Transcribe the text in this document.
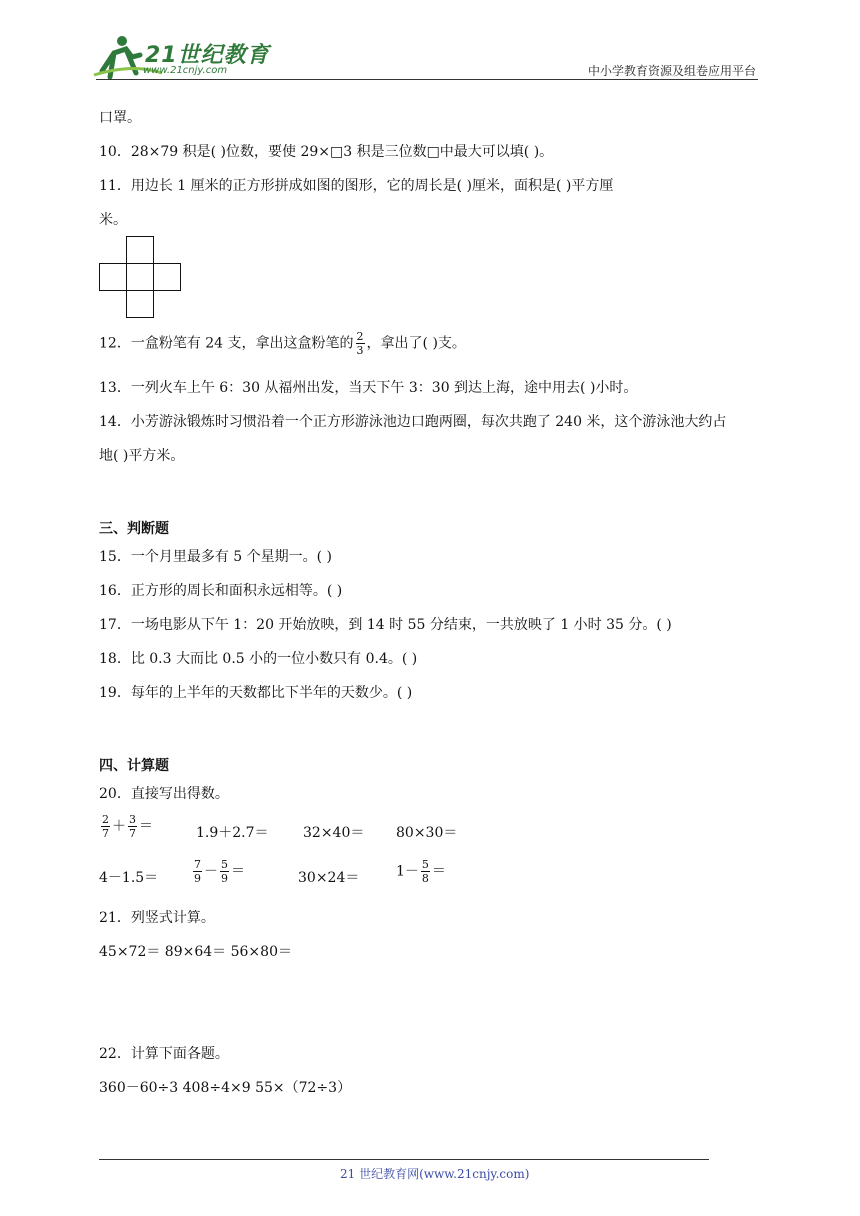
21世纪教育
www.21cnjy.com	中小学教育资源及组卷应用平台
口罩。
10．28×79 积是( )位数，要使 29×□3 积是三位数□中最大可以填( )。
11．用边长 1 厘米的正方形拼成如图的图形，它的周长是( )厘米，面积是( )平方厘
米。
12．一盒粉笔有 24 支，拿出这盒粉笔的 $\frac{2}{3}$ ，拿出了( )支。
13．一列火车上午 6：30 从福州出发，当天下午 3：30 到达上海，途中用去( )小时。
14．小芳游泳锻炼时习惯沿着一个正方形游泳池边口跑两圈，每次共跑了 240 米，这个游泳池大约占
地( )平方米。
三、判断题
15．一个月里最多有 5 个星期一。( )
16．正方形的周长和面积永远相等。( )
17．一场电影从下午 1：20 开始放映，到 14 时 55 分结束，一共放映了 1 小时 35 分。( )
18．比 0.3 大而比 0.5 小的一位小数只有 0.4。( )
19．每年的上半年的天数都比下半年的天数少。( )
四、计算题
20．直接写出得数。
$\frac{2}{7} + \frac{3}{7}$ ＝	1.9＋2.7＝ 32×40＝ 80×30＝
4－1.5＝	$\frac{7}{9} - \frac{5}{9}$ ＝	30×24＝	$1- \frac{5}{8}$ ＝
21．列竖式计算。
45×72＝ 89×64＝ 56×80＝
22．计算下面各题。
360－60÷3 408÷4×9 55×（72÷3）
21 世纪教育网(www.21cnjy.com)
